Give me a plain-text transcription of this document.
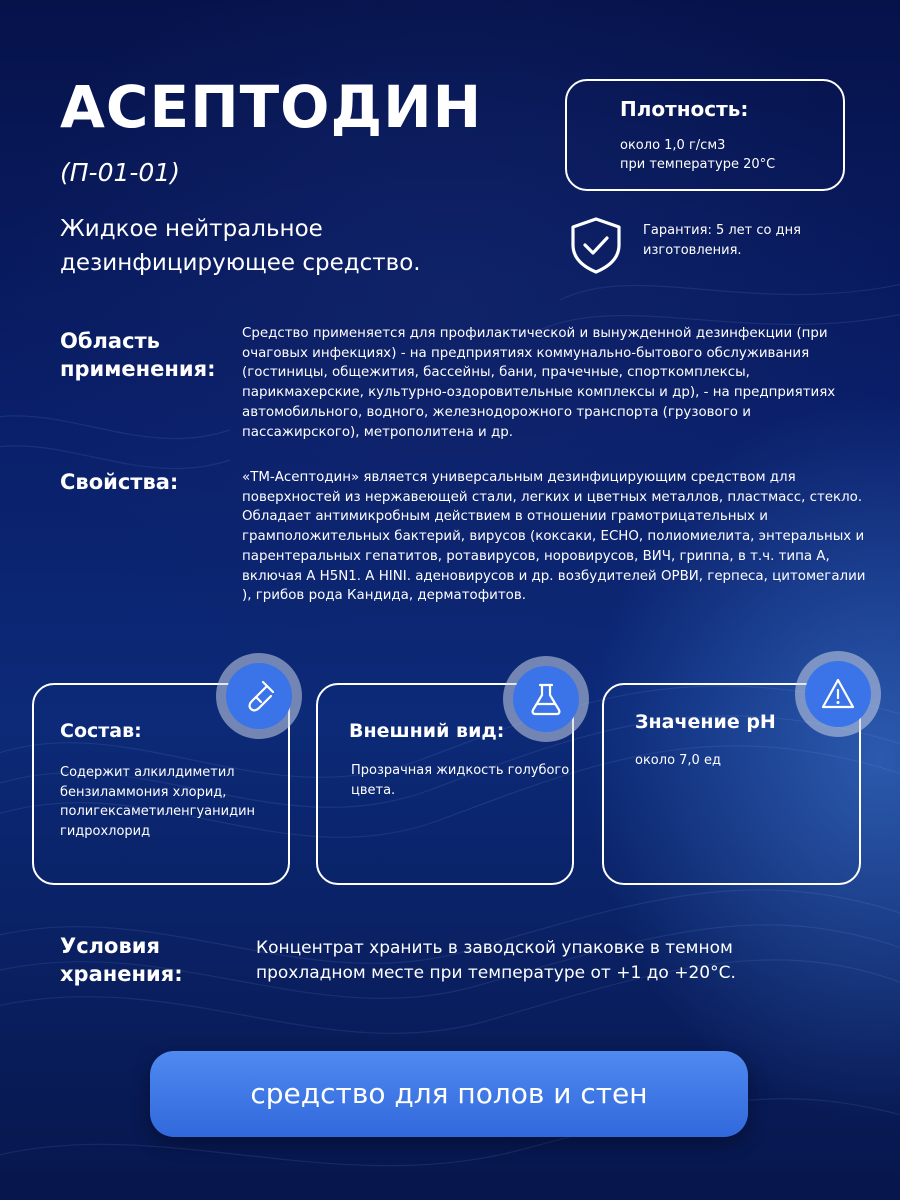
АСЕПТОДИН
(П-01-01)
Жидкое нейтральное дезинфицирующее средство.
Плотность:
около 1,0 г/см3
при температуре 20°С
Гарантия: 5 лет со дня изготовления.
Область
применения:
Средство применяется для профилактической и вынужденной дезинфекции (при очаговых инфекциях) - на предприятиях коммунально-бытового обслуживания (гостиницы, общежития, бассейны, бани, прачечные, спорткомплексы, парикмахерские, культурно-оздоровительные комплексы и др), - на предприятиях автомобильного, водного, железнодорожного транспорта (грузового и пассажирского), метрополитена и др.
Свойства:	«ТМ-Асептодин» является универсальным дезинфицирующим средством для поверхностей из нержавеющей стали, легких и цветных металлов, пластмасс, стекло. Обладает антимикробным действием в отношении грамотрицательных и грамположительных бактерий, вирусов (коксаки, ECHO, полиомиелита, энтеральных и парентеральных гепатитов, ротавирусов, норовирусов, ВИЧ, гриппа, в т.ч. типа А, включая А Н5N1. А HINI. аденовирусов и др. возбудителей ОРВИ, герпеса, цитомегалии ), грибов рода Кандида, дерматофитов.
Состав:
Содержит алкилдиметил бензиламмония хлорид, полигексаметиленгуанидин гидрохлорид
Внешний вид:
Прозрачная жидкость голубого цвета.
Значение рН
около 7,0 ед
Условия
хранения:
Концентрат хранить в заводской упаковке в темном прохладном месте при температуре от +1 до +20°С.
средство для полов и стен
